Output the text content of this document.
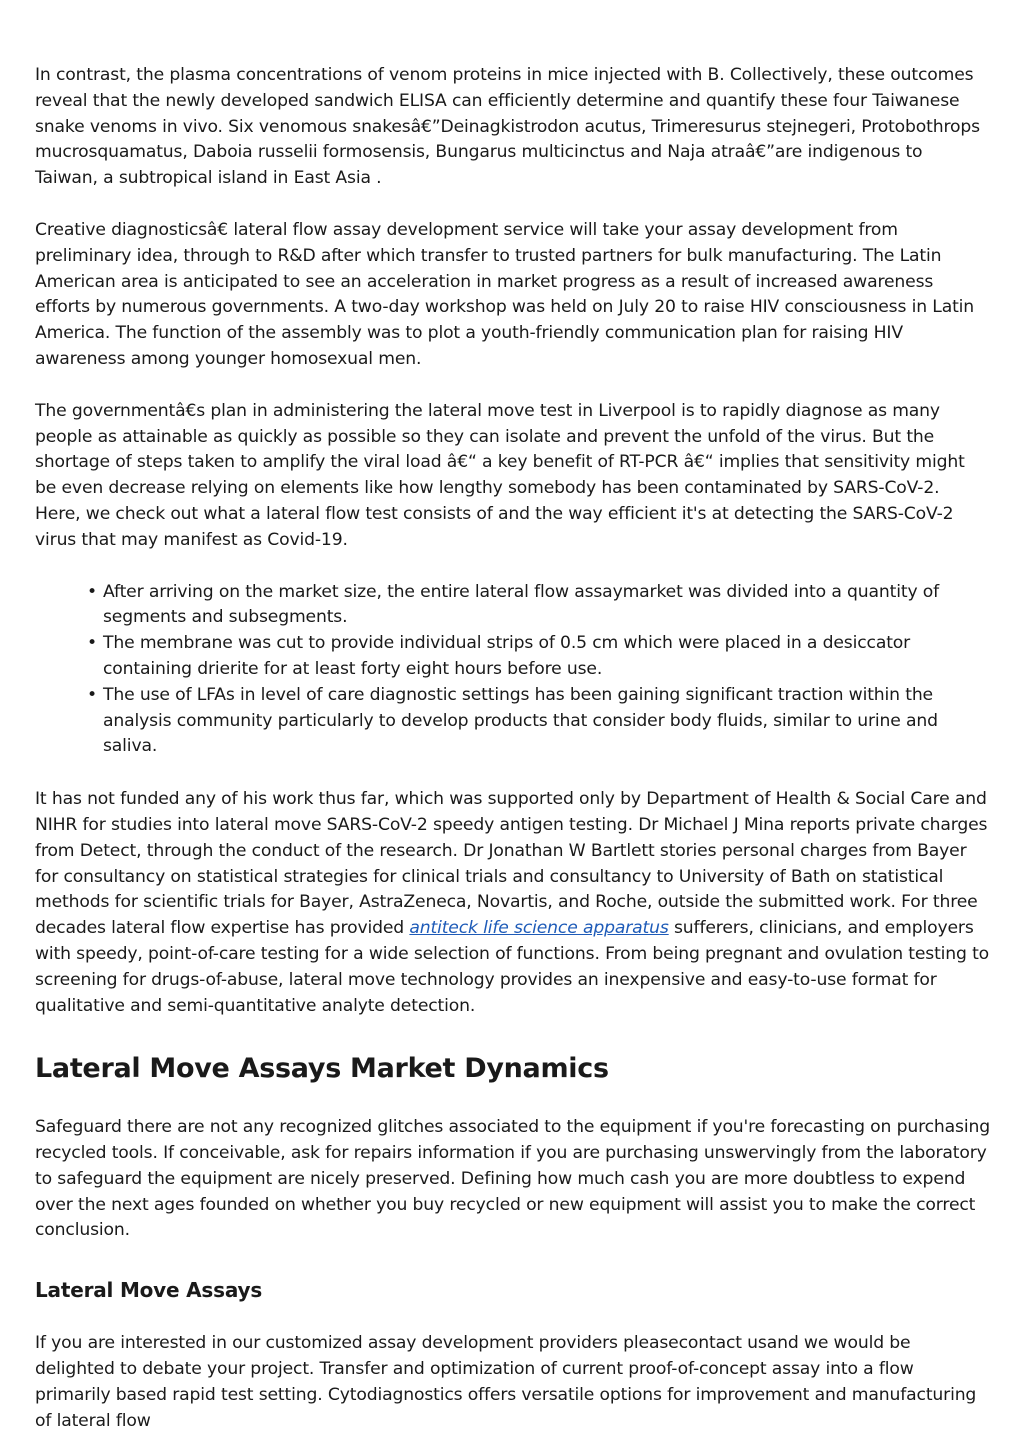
In contrast, the plasma concentrations of venom proteins in mice injected with B. Collectively, these outcomes reveal that the newly developed sandwich ELISA can efficiently determine and quantify these four Taiwanese snake venoms in vivo. Six venomous snakesâ€”Deinagkistrodon acutus, Trimeresurus stejnegeri, Protobothrops mucrosquamatus, Daboia russelii formosensis, Bungarus multicinctus and Naja atraâ€”are indigenous to Taiwan, a subtropical island in East Asia .

Creative diagnosticsâ€ lateral flow assay development service will take your assay development from preliminary idea, through to R&D after which transfer to trusted partners for bulk manufacturing. The Latin American area is anticipated to see an acceleration in market progress as a result of increased awareness efforts by numerous governments. A two-day workshop was held on July 20 to raise HIV consciousness in Latin America. The function of the assembly was to plot a youth-friendly communication plan for raising HIV awareness among younger homosexual men.

The governmentâ€s plan in administering the lateral move test in Liverpool is to rapidly diagnose as many people as attainable as quickly as possible so they can isolate and prevent the unfold of the virus. But the shortage of steps taken to amplify the viral load â€“ a key benefit of RT-PCR â€“ implies that sensitivity might be even decrease relying on elements like how lengthy somebody has been contaminated by SARS-CoV-2. Here, we check out what a lateral flow test consists of and the way efficient it's at detecting the SARS-CoV-2 virus that may manifest as Covid-19.

• After arriving on the market size, the entire lateral flow assaymarket was divided into a quantity of segments and subsegments.
• The membrane was cut to provide individual strips of 0.5 cm which were placed in a desiccator containing drierite for at least forty eight hours before use.
• The use of LFAs in level of care diagnostic settings has been gaining significant traction within the analysis community particularly to develop products that consider body fluids, similar to urine and saliva.

It has not funded any of his work thus far, which was supported only by Department of Health & Social Care and NIHR for studies into lateral move SARS-CoV-2 speedy antigen testing. Dr Michael J Mina reports private charges from Detect, through the conduct of the research. Dr Jonathan W Bartlett stories personal charges from Bayer for consultancy on statistical strategies for clinical trials and consultancy to University of Bath on statistical methods for scientific trials for Bayer, AstraZeneca, Novartis, and Roche, outside the submitted work. For three decades lateral flow expertise has provided antiteck life science apparatus sufferers, clinicians, and employers with speedy, point-of-care testing for a wide selection of functions. From being pregnant and ovulation testing to screening for drugs-of-abuse, lateral move technology provides an inexpensive and easy-to-use format for qualitative and semi-quantitative analyte detection.

Lateral Move Assays Market Dynamics

Safeguard there are not any recognized glitches associated to the equipment if you're forecasting on purchasing recycled tools. If conceivable, ask for repairs information if you are purchasing unswervingly from the laboratory to safeguard the equipment are nicely preserved. Defining how much cash you are more doubtless to expend over the next ages founded on whether you buy recycled or new equipment will assist you to make the correct conclusion.

Lateral Move Assays

If you are interested in our customized assay development providers pleasecontact usand we would be delighted to debate your project. Transfer and optimization of current proof-of-concept assay into a flow primarily based rapid test setting. Cytodiagnostics offers versatile options for improvement and manufacturing of lateral flow
